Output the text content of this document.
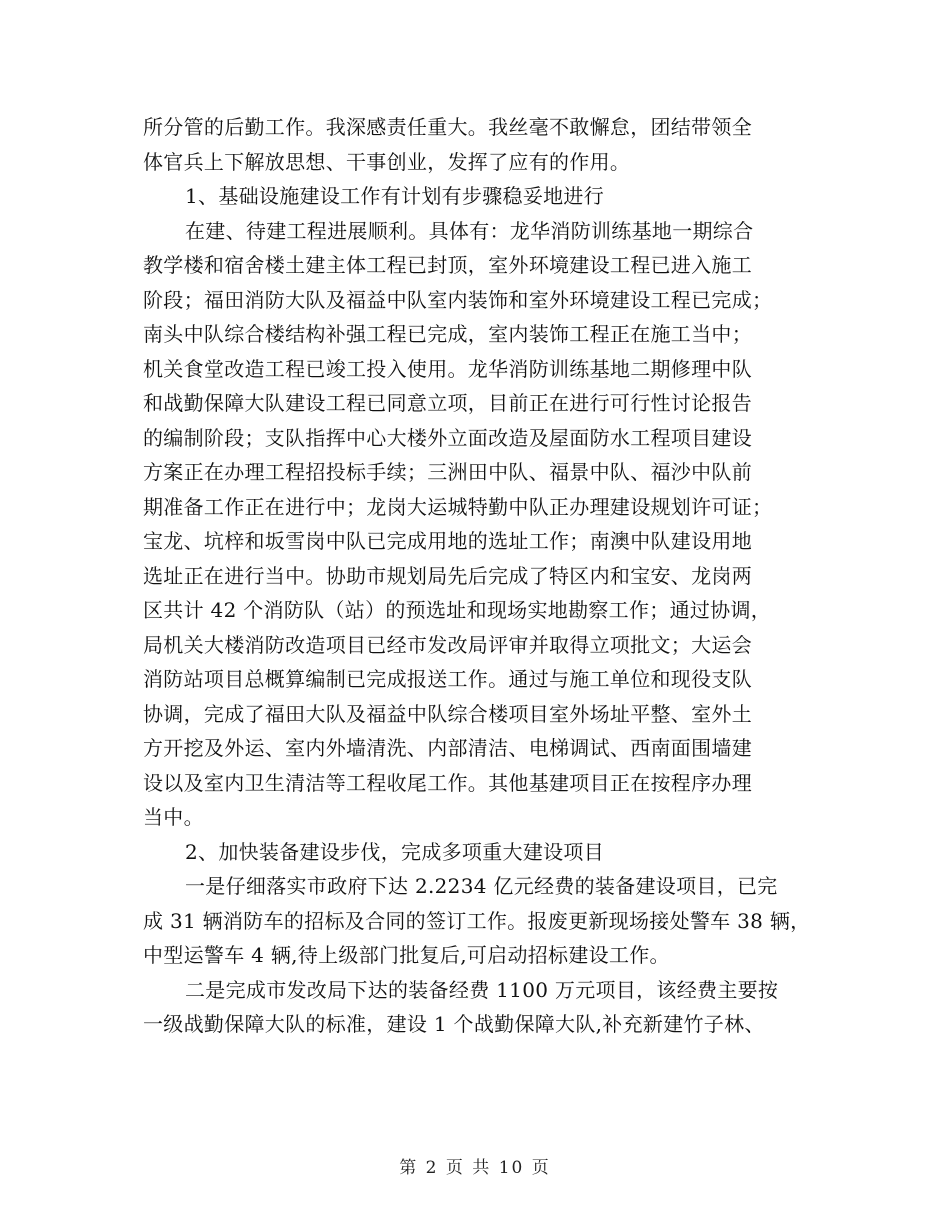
所分管的后勤工作。我深感责任重大。我丝毫不敢懈怠，团结带领全
体官兵上下解放思想、干事创业，发挥了应有的作用。
1、基础设施建设工作有计划有步骤稳妥地进行
在建、待建工程进展顺利。具体有：龙华消防训练基地一期综合
教学楼和宿舍楼土建主体工程已封顶，室外环境建设工程已进入施工
阶段；福田消防大队及福益中队室内装饰和室外环境建设工程已完成；
南头中队综合楼结构补强工程已完成，室内装饰工程正在施工当中；
机关食堂改造工程已竣工投入使用。龙华消防训练基地二期修理中队
和战勤保障大队建设工程已同意立项，目前正在进行可行性讨论报告
的编制阶段；支队指挥中心大楼外立面改造及屋面防水工程项目建设
方案正在办理工程招投标手续；三洲田中队、福景中队、福沙中队前
期准备工作正在进行中；龙岗大运城特勤中队正办理建设规划许可证；
宝龙、坑梓和坂雪岗中队已完成用地的选址工作；南澳中队建设用地
选址正在进行当中。协助市规划局先后完成了特区内和宝安、龙岗两
区共计 42 个消防队（站）的预选址和现场实地勘察工作；通过协调，
局机关大楼消防改造项目已经市发改局评审并取得立项批文；大运会
消防站项目总概算编制已完成报送工作。通过与施工单位和现役支队
协调，完成了福田大队及福益中队综合楼项目室外场址平整、室外土
方开挖及外运、室内外墙清洗、内部清洁、电梯调试、西南面围墙建
设以及室内卫生清洁等工程收尾工作。其他基建项目正在按程序办理
当中。
2、加快装备建设步伐，完成多项重大建设项目
一是仔细落实市政府下达 2.2234 亿元经费的装备建设项目，已完
成 31 辆消防车的招标及合同的签订工作。报废更新现场接处警车 38 辆，
中型运警车 4 辆,待上级部门批复后,可启动招标建设工作。
二是完成市发改局下达的装备经费 1100 万元项目，该经费主要按
一级战勤保障大队的标准，建设 1 个战勤保障大队,补充新建竹子林、
第 2 页 共 10 页
